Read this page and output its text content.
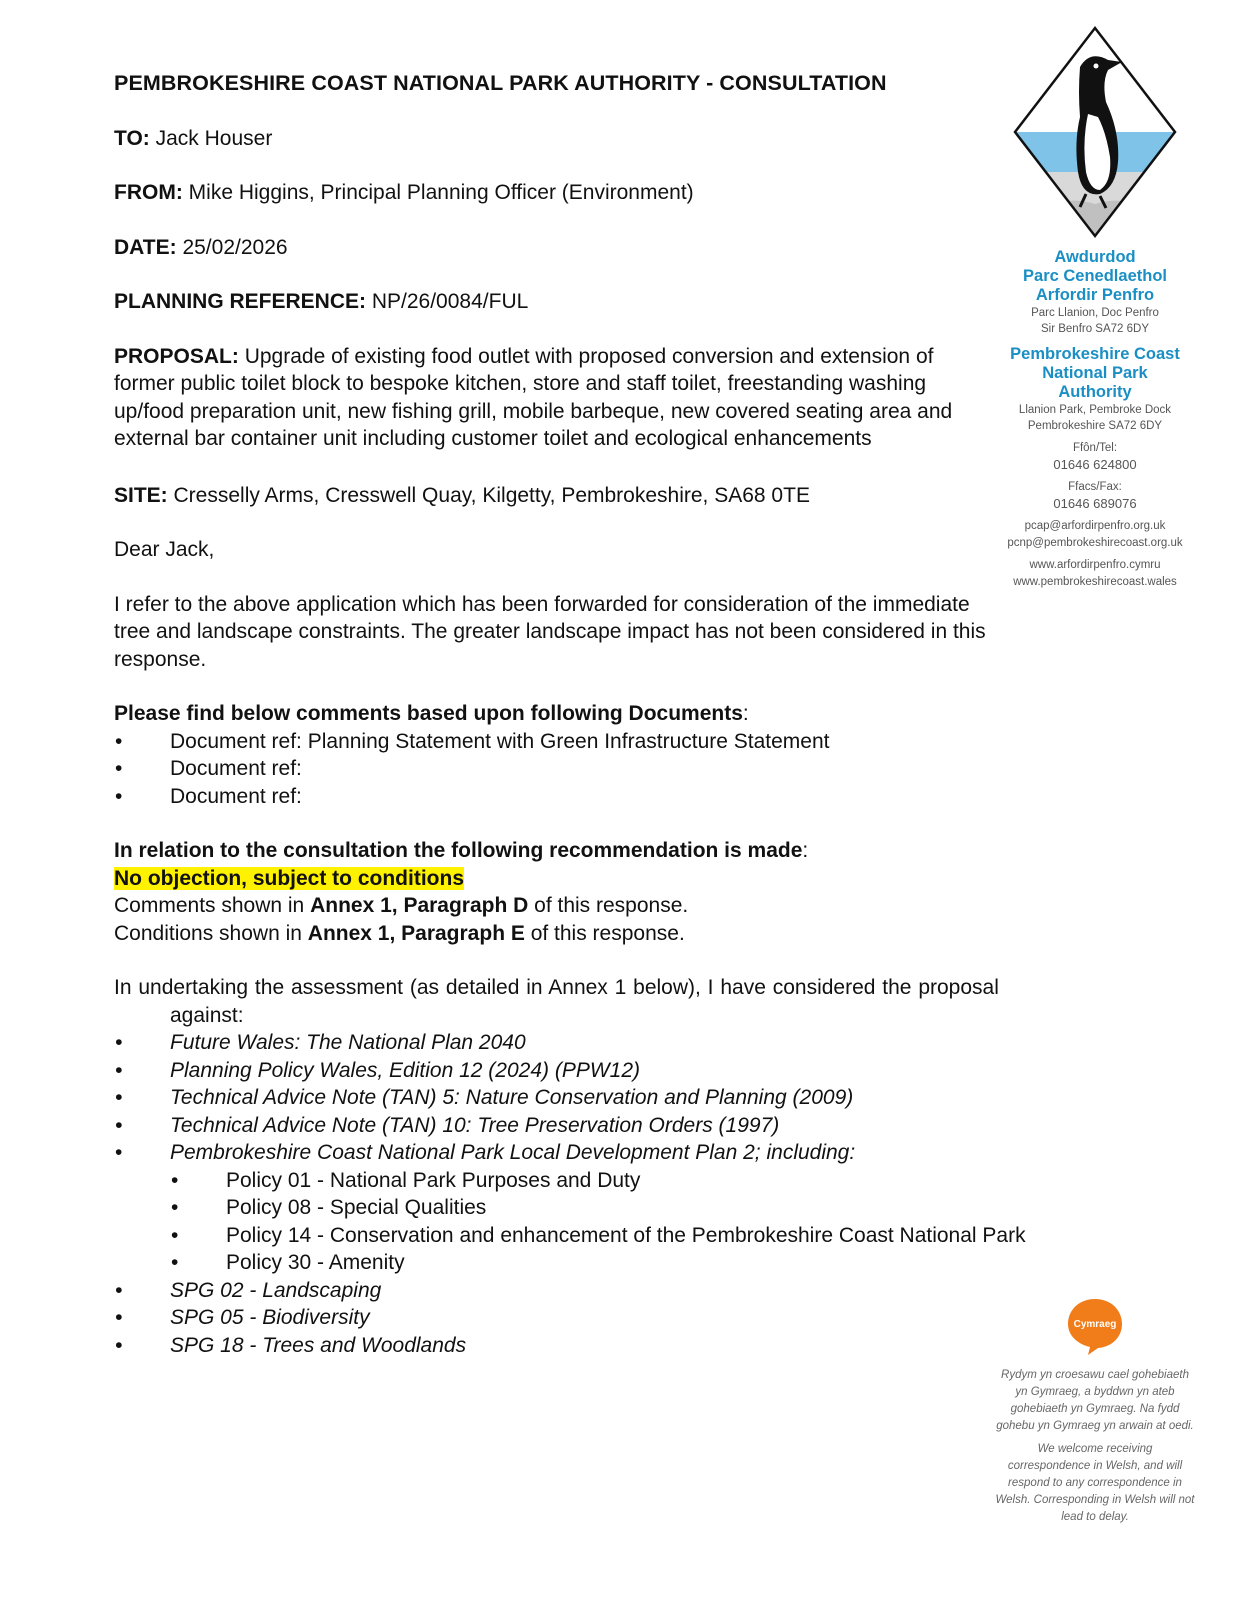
PEMBROKESHIRE COAST NATIONAL PARK AUTHORITY - CONSULTATION
TO: Jack Houser
FROM: Mike Higgins, Principal Planning Officer (Environment)
DATE: 25/02/2026
PLANNING REFERENCE: NP/26/0084/FUL
PROPOSAL: Upgrade of existing food outlet with proposed conversion and extension of former public toilet block to bespoke kitchen, store and staff toilet, freestanding washing up/food preparation unit, new fishing grill, mobile barbeque, new covered seating area and external bar container unit including customer toilet and ecological enhancements
SITE: Cresselly Arms, Cresswell Quay, Kilgetty, Pembrokeshire, SA68 0TE

Dear Jack,

I refer to the above application which has been forwarded for consideration of the immediate tree and landscape constraints. The greater landscape impact has not been considered in this response.

Please find below comments based upon following Documents:
• Document ref: Planning Statement with Green Infrastructure Statement
• Document ref:
• Document ref:
In relation to the consultation the following recommendation is made:
No objection, subject to conditions
Comments shown in Annex 1, Paragraph D of this response.
Conditions shown in Annex 1, Paragraph E of this response.
In undertaking the assessment (as detailed in Annex 1 below), I have considered the proposal
against:
• Future Wales: The National Plan 2040
• Planning Policy Wales, Edition 12 (2024) (PPW12)
• Technical Advice Note (TAN) 5: Nature Conservation and Planning (2009)
• Technical Advice Note (TAN) 10: Tree Preservation Orders (1997)
• Pembrokeshire Coast National Park Local Development Plan 2; including:
• Policy 01 - National Park Purposes and Duty
• Policy 08 - Special Qualities
• Policy 14 - Conservation and enhancement of the Pembrokeshire Coast National Park
• Policy 30 - Amenity
• SPG 02 - Landscaping
• SPG 05 - Biodiversity
• SPG 18 - Trees and Woodlands
Awdurdod
Parc Cenedlaethol
Arfordir Penfro
Parc Llanion, Doc Penfro
Sir Benfro SA72 6DY
Pembrokeshire Coast
National Park
Authority
Llanion Park, Pembroke Dock
Pembrokeshire SA72 6DY
Ffôn/Tel:
01646 624800
Ffacs/Fax:
01646 689076
pcap@arfordirpenfro.org.uk
pcnp@pembrokeshirecoast.org.uk
www.arfordirpenfro.cymru
www.pembrokeshirecoast.wales
Cymraeg

Rydym yn croesawu cael gohebiaeth yn Gymraeg, a byddwn yn ateb gohebiaeth yn Gymraeg. Na fydd gohebu yn Gymraeg yn arwain at oedi.

We welcome receiving correspondence in Welsh, and will respond to any correspondence in Welsh. Corresponding in Welsh will not lead to delay.
